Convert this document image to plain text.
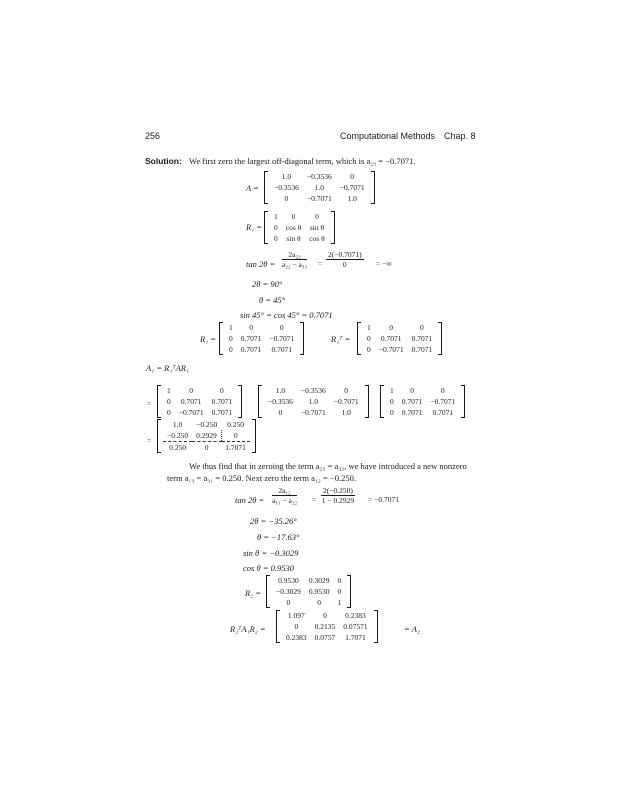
256	Computational Methods Chap. 8
Solution: We first zero the largest off-diagonal term, which is a₂₃ = −0.7071.
A =
1.0	−0.3536	0
−0.3536	1.0	−0.7071
0	−0.7071	1.0
R₁ =
1	0	0
0	cos θ	sin θ
0	sin θ	cos θ
$\tan 2\theta = \frac{\text{2a₂₃}}{\text{a₂₂ − a₃₃}} = \frac{2(-0.7071)}{0}$ = −∞
2θ = 90°
θ = 45°
sin 45° = cos 45° = 0.7071
R₁ =
1	0	0
0	0.7071	−0.7071
0	0.7071	0.7071
R₁ᵀ =
1	0	0
0	0.7071	0.7071
0	−0.7071	0.7071
A₁ = R₁ᵀAR₁
=
1	0	0
0	0.7071	0.7071
0	−0.7071	0.7071
1.0	−0.3536	0
−0.3536	1.0	−0.7071
0	−0.7071	1.0
1	0	0
0	0.7071	−0.7071
0	0.7071	0.7071
=
1.0	−0.250	0.250
−0.250	0.2929	0
0.250	0	1.7071
We thus find that in zeroing the term a₂₃ = a₃₂, we have introduced a new nonzero
term a₁₃ = a₃₁ = 0.250. Next zero the term a₁₂ = −0.250.
$\tan 2\theta = \frac{\text{2a₁₂}}{\text{a₁₁ − a₂₂}} = \frac{2(-0.250)}{1 - 0.2929} = -0.7071$
2θ = −35.26°
θ = −17.63°
sin θ = −0.3029
cos θ = 0.9530
R₂ =
0.9530	0.3029	0
−0.3029	0.9530	0
0	0	1
R₂ᵀA₁R₂ =
1.097	0	0.2383
0	0.2135	0.07571
0.2383	0.0757	1.7071
= A₂
